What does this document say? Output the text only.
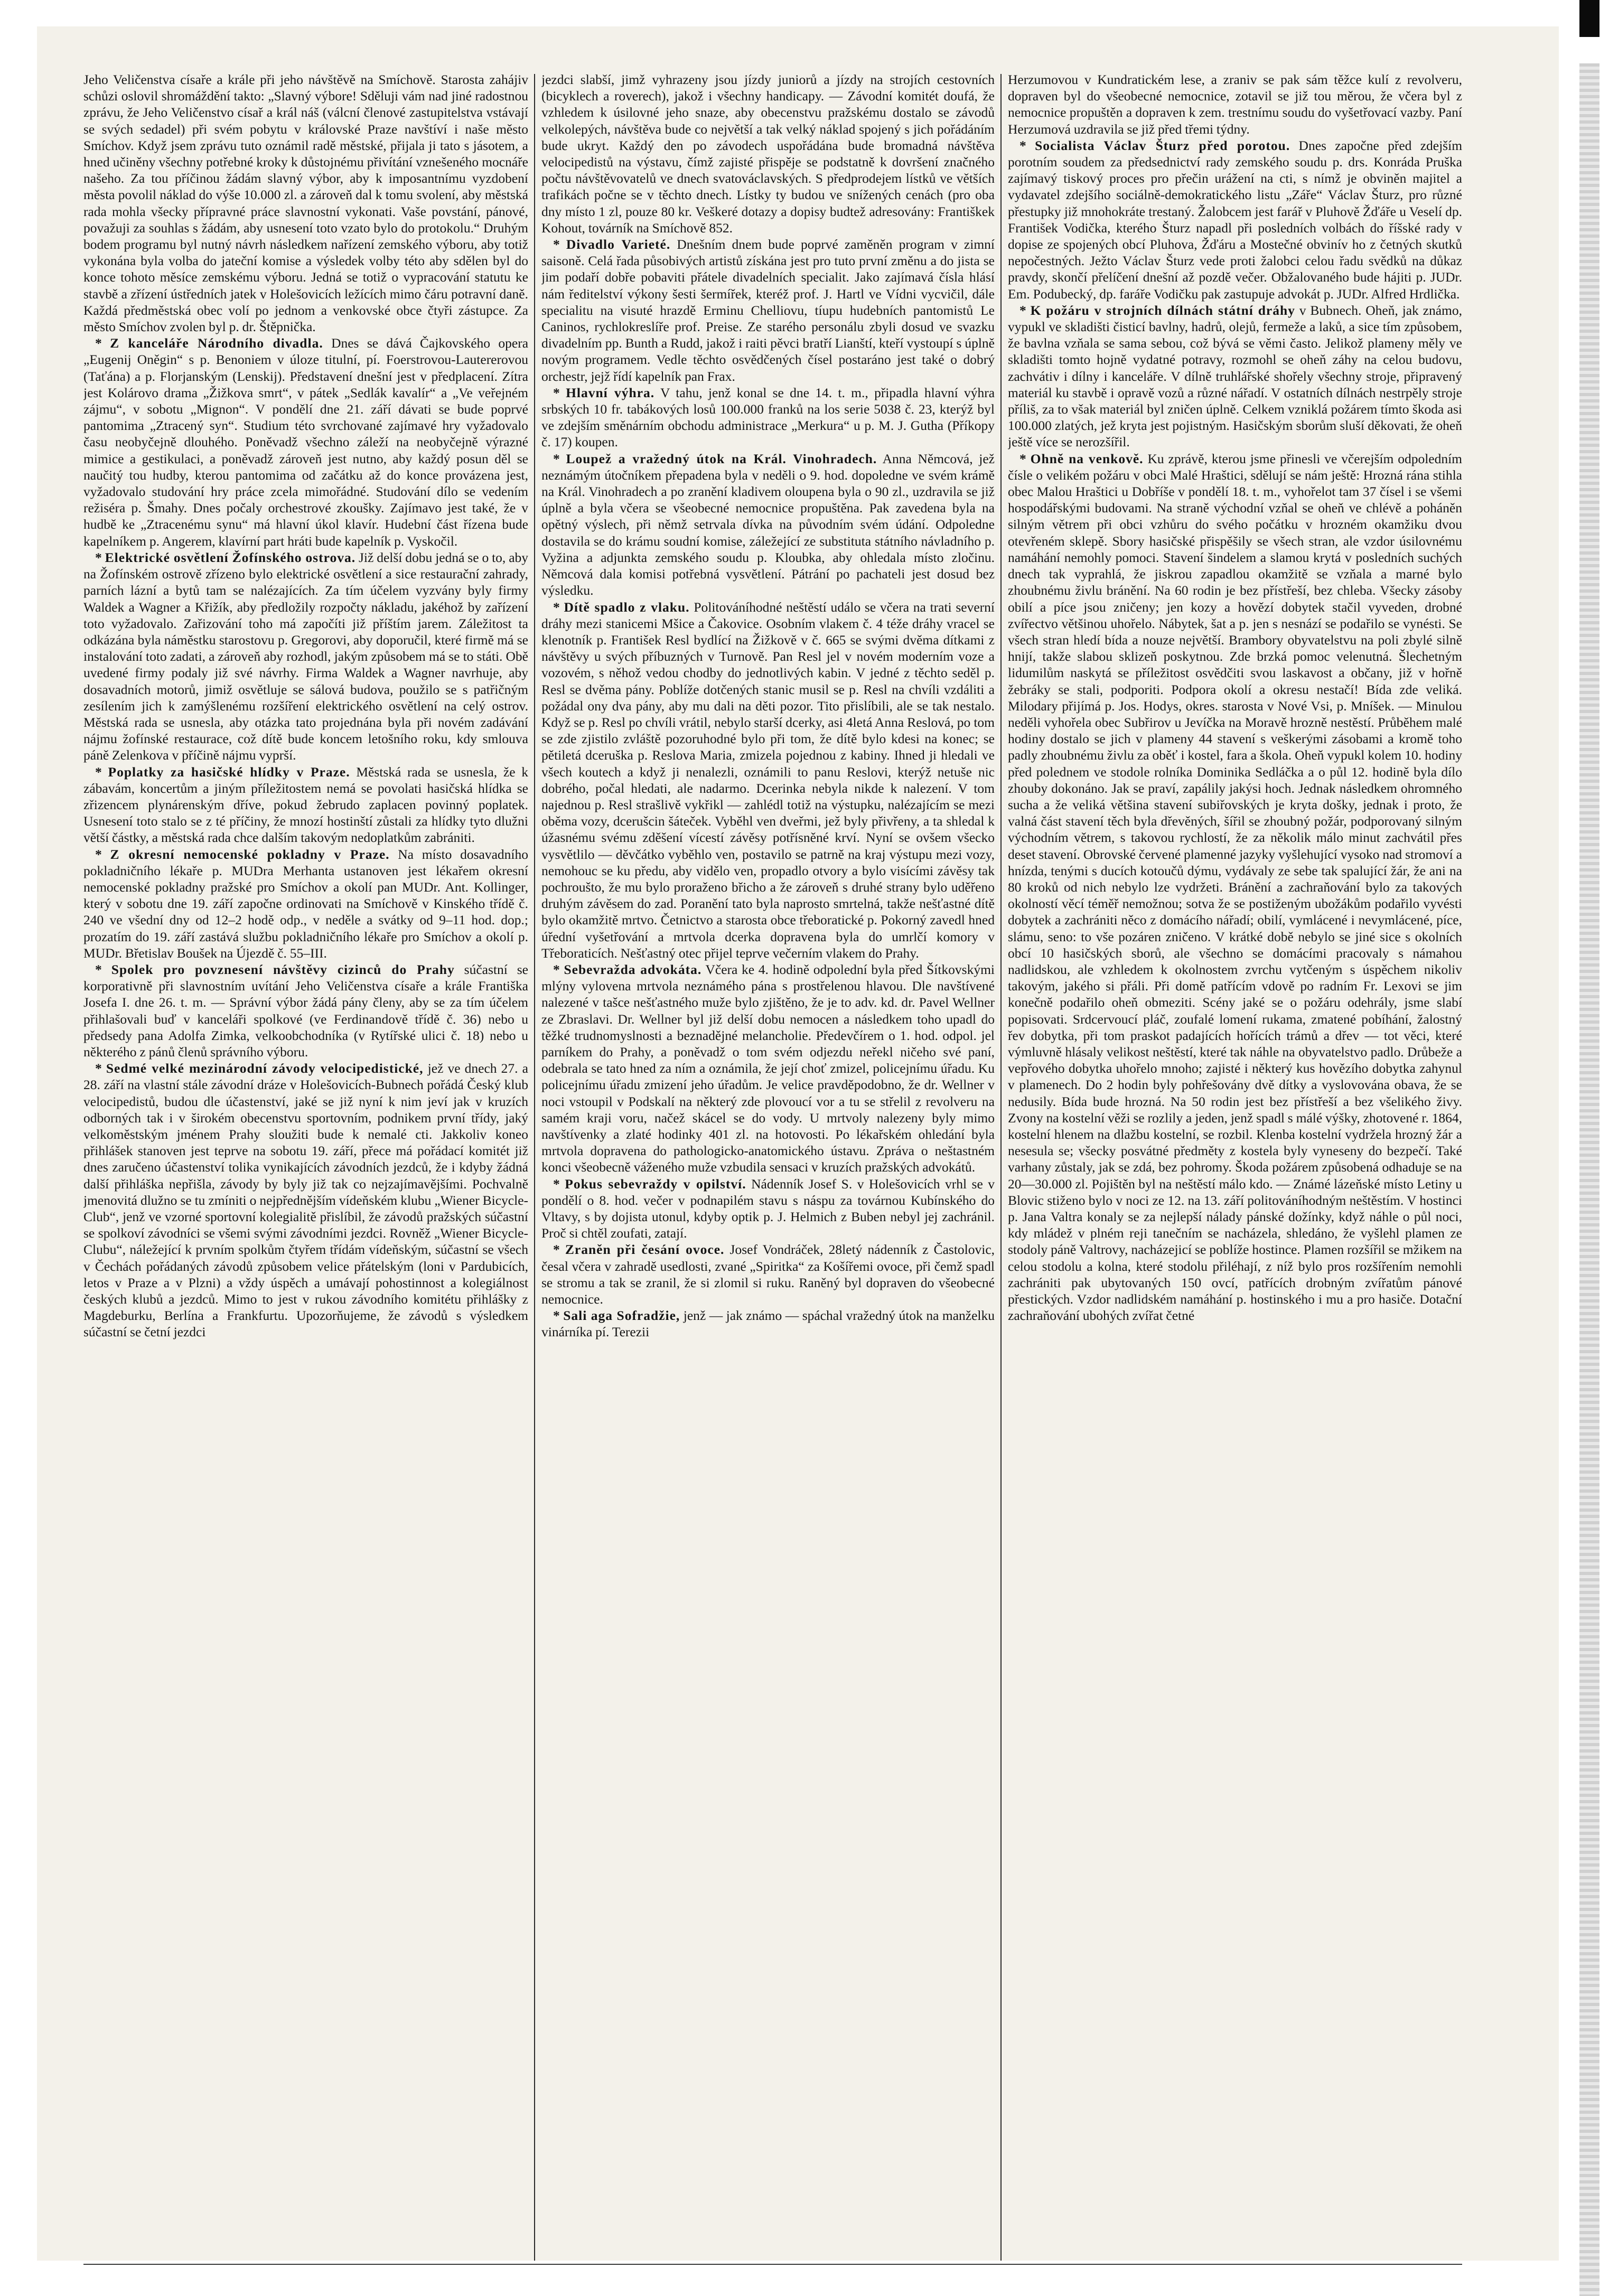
Jeho Veličenstva císaře a krále při jeho návštěvě na Smíchově. Starosta zahájiv schůzi oslovil shromáždění takto: „Slavný výbore! Sděluji vám nad jiné radostnou zprávu, že Jeho Veličenstvo císař a král náš (válcní členové zastupitelstva vstávají se svých sedadel) při svém pobytu v královské Praze navštíví i naše město Smíchov. Když jsem zprávu tuto oznámil radě městské, přijala ji tato s jásotem, a hned učiněny všechny potřebné kroky k důstojnému přivítání vznešeného mocnáře našeho. Za tou příčinou žádám slavný výbor, aby k imposantnímu vyzdobení města povolil náklad do výše 10.000 zl. a zároveň dal k tomu svolení, aby městská rada mohla všecky přípravné práce slavnostní vykonati. Vaše povstání, pánové, považuji za souhlas s žádám, aby usnesení toto vzato bylo do protokolu.“ Druhým bodem programu byl nutný návrh následkem nařízení zemského výboru, aby totiž vykonána byla volba do jateční komise a výsledek volby této aby sdělen byl do konce tohoto měsíce zemskému výboru. Jedná se totiž o vypracování statutu ke stavbě a zřízení ústředních jatek v Holešovicích ležících mimo čáru potravní daně. Každá předměstská obec volí po jednom a venkovské obce čtyři zástupce. Za město Smíchov zvolen byl p. dr. Štěpnička.

* Z kanceláře Národního divadla. Dnes se dává Čajkovského opera „Eugenij Oněgin“ s p. Benoniem v úloze titulní, pí. Foerstrovou-Lautererovou (Taťána) a p. Florjanským (Lenskij). Představení dnešní jest v předplacení. Zítra jest Kolárovo drama „Žižkova smrt“, v pátek „Sedlák kavalír“ a „Ve veřejném zájmu“, v sobotu „Mignon“. V pondělí dne 21. září dávati se bude poprvé pantomima „Ztracený syn“. Studium této svrchované zajímavé hry vyžadovalo času neobyčejně dlouhého. Poněvadž všechno záleží na neobyčejně výrazné mimice a gestikulaci, a poněvadž zároveň jest nutno, aby každý posun děl se naučitý tou hudby, kterou pantomima od začátku až do konce provázena jest, vyžadovalo studování hry práce zcela mimořádné. Studování dílo se vedením režiséra p. Šmahy. Dnes počaly orchestrové zkoušky. Zajímavo jest také, že v hudbě ke „Ztracenému synu“ má hlavní úkol klavír. Hudební část řízena bude kapelníkem p. Angerem, klavírní part hráti bude kapelník p. Vyskočil.

* Elektrické osvětlení Žofínského ostrova. Již delší dobu jedná se o to, aby na Žofínském ostrově zřízeno bylo elektrické osvětlení a sice restaurační zahrady, parních lázní a bytů tam se nalézajících. Za tím účelem vyzvány byly firmy Waldek a Wagner a Křižík, aby předložily rozpočty nákladu, jakéhož by zařízení toto vyžadovalo. Zařizování toho má započíti již příštím jarem. Záležitost ta odkázána byla náměstku starostovu p. Gregorovi, aby doporučil, které firmě má se instalování toto zadati, a zároveň aby rozhodl, jakým způsobem má se to státi. Obě uvedené firmy podaly již své návrhy. Firma Waldek a Wagner navrhuje, aby dosavadních motorů, jimiž osvětluje se sálová budova, použilo se s patřičným zesílením jich k zamýšlenému rozšíření elektrického osvětlení na celý ostrov. Městská rada se usnesla, aby otázka tato projednána byla při novém zadávání nájmu žofínské restaurace, což dítě bude koncem letošního roku, kdy smlouva páně Zelenkova v příčině nájmu vyprší.

* Poplatky za hasičské hlídky v Praze. Městská rada se usnesla, že k zábavám, koncertům a jiným příležitostem nemá se povolati hasičská hlídka se zřizencem plynárenským dříve, pokud žebrudo zaplacen povinný poplatek. Usnesení toto stalo se z té příčiny, že mnozí hostinští zůstali za hlídky tyto dlužni větší částky, a městská rada chce dalším takovým nedoplatkům zabrániti.

* Z okresní nemocenské pokladny v Praze. Na místo dosavadního pokladničního lékaře p. MUDra Merhanta ustanoven jest lékařem okresní nemocenské pokladny pražské pro Smíchov a okolí pan MUDr. Ant. Kollinger, který v sobotu dne 19. září započne ordinovati na Smíchově v Kinského třídě č. 240 ve všední dny od 12–2 hodě odp., v neděle a svátky od 9–11 hod. dop.; prozatím do 19. září zastává službu pokladničního lékaře pro Smíchov a okolí p. MUDr. Břetislav Boušek na Újezdě č. 55–III.

* Spolek pro povznesení návštěvy cizinců do Prahy súčastní se korporativně při slavnostním uvítání Jeho Veličenstva císaře a krále Františka Josefa I. dne 26. t. m. — Správní výbor žádá pány členy, aby se za tím účelem přihlašovali buď v kanceláři spolkové (ve Ferdinandově třídě č. 36) nebo u předsedy pana Adolfa Zimka, velkoobchodníka (v Rytířské ulici č. 18) nebo u některého z pánů členů správního výboru.

* Sedmé velké mezinárodní závody velocipedistické, jež ve dnech 27. a 28. září na vlastní stále závodní dráze v Holešovicích-Bubnech pořádá Český klub velocipedistů, budou dle účastenství, jaké se již nyní k nim jeví jak v kruzích odborných tak i v širokém obecenstvu sportovním, podnikem první třídy, jaký velkoměstským jménem Prahy sloužiti bude k nemalé cti. Jakkoliv koneo přihlášek stanoven jest teprve na sobotu 19. září, přece má pořádací komitét již dnes zaručeno účastenství tolika vynikajících závodních jezdců, že i kdyby žádná další přihláška nepřišla, závody by byly již tak co nejzajímavějšími. Pochvalně jmenovitá dlužno se tu zmíniti o nejpřednějším vídeňském klubu „Wiener Bicycle-Club“, jenž ve vzorné sportovní kolegialitě přislíbil, že závodů pražských súčastní se spolkoví závodníci se všemi svými závodními jezdci. Rovněž „Wiener Bicycle-Clubu“, náležející k prvním spolkům čtyřem třídám vídeňským, súčastní se všech v Čechách pořádaných závodů způsobem velice přátelským (loni v Pardubicích, letos v Praze a v Plzni) a vždy úspěch a umávají pohostinnost a kolegiálnost českých klubů a jezdců. Mimo to jest v rukou závodního komitétu přihlášky z Magdeburku, Berlína a Frankfurtu. Upozorňujeme, že závodů s výsledkem súčastní se četní jezdci

jezdci slabší, jimž vyhrazeny jsou jízdy juniorů a jízdy na strojích cestovních (bicyklech a roverech), jakož i všechny handicapy. — Závodní komitét doufá, že vzhledem k úsilovné jeho snaze, aby obecenstvu pražskému dostalo se závodů velkolepých, návštěva bude co největší a tak velký náklad spojený s jich pořádáním bude ukryt. Každý den po závodech uspořádána bude bromadná návštěva velocipedistů na výstavu, čímž zajisté přispěje se podstatně k dovršení značného počtu návštěvovatelů ve dnech svatováclavských. S předprodejem lístků ve větších trafikách počne se v těchto dnech. Lístky ty budou ve snížených cenách (pro oba dny místo 1 zl, pouze 80 kr. Veškeré dotazy a dopisy budtež adresovány: Františkek Kohout, továrník na Smíchově 852.

* Divadlo Varieté. Dnešním dnem bude poprvé zaměněn program v zimní saisoně. Celá řada působivých artistů získána jest pro tuto první změnu a do jista se jim podaří dobře pobaviti přátele divadelních specialit. Jako zajímavá čísla hlásí nám ředitelství výkony šesti šermířek, kteréž prof. J. Hartl ve Vídni vycvičil, dále specialitu na visuté hrazdě Erminu Chelliovu, tíupu hudebních pantomistů Le Caninos, rychlokreslíře prof. Preise. Ze starého personálu zbyli dosud ve svazku divadelním pp. Bunth a Rudd, jakož i raiti pěvci bratří Lianští, kteří vystoupí s úplně novým programem. Vedle těchto osvědčených čísel postaráno jest také o dobrý orchestr, jejž řídí kapelník pan Frax.

* Hlavní výhra. V tahu, jenž konal se dne 14. t. m., připadla hlavní výhra srbských 10 fr. tabákových losů 100.000 franků na los serie 5038 č. 23, kterýž byl ve zdejším směnárním obchodu administrace „Merkura“ u p. M. J. Gutha (Příkopy č. 17) koupen.

* Loupež a vražedný útok na Král. Vinohradech. Anna Němcová, jež neznámým útočníkem přepadena byla v neděli o 9. hod. dopoledne ve svém krámě na Král. Vinohradech a po zranění kladivem oloupena byla o 90 zl., uzdravila se již úplně a byla včera se všeobecné nemocnice propuštěna. Pak zavedena byla na opětný výslech, při němž setrvala dívka na původním svém údání. Odpoledne dostavila se do krámu soudní komise, záležející ze substituta státního návladního p. Vyžina a adjunkta zemského soudu p. Kloubka, aby ohledala místo zločinu. Němcová dala komisi potřebná vysvětlení. Pátrání po pachateli jest dosud bez výsledku.

* Dítě spadlo z vlaku. Politováníhodné neštěstí událo se včera na trati severní dráhy mezi stanicemi Mšice a Čakovice. Osobním vlakem č. 4 téže dráhy vracel se klenotník p. František Resl bydlící na Žižkově v č. 665 se svými dvěma dítkami z návštěvy u svých příbuzných v Turnově. Pan Resl jel v novém moderním voze a vozovém, s něhož vedou chodby do jednotlivých kabin. V jedné z těchto seděl p. Resl se dvěma pány. Poblíže dotčených stanic musil se p. Resl na chvíli vzdáliti a požádal ony dva pány, aby mu dali na děti pozor. Tito přislíbili, ale se tak nestalo. Když se p. Resl po chvíli vrátil, nebylo starší dcerky, asi 4letá Anna Reslová, po tom se zde zjistilo zvláště pozoruhodné bylo při tom, že dítě bylo kdesi na konec; se pětiletá dceruška p. Reslova Maria, zmizela pojednou z kabiny. Ihned ji hledali ve všech koutech a když ji nenalezli, oznámili to panu Reslovi, kterýž netuše nic dobrého, počal hledati, ale nadarmo. Dcerinka nebyla nikde k nalezení. V tom najednou p. Resl strašlivě vykřikl — zahlédl totiž na výstupku, nalézajícím se mezi oběma vozy, dcerušcin šáteček. Vyběhl ven dveřmi, jež byly přivřeny, a ta shledal k úžasnému svému zděšení vícestí závěsy potřísněné krví. Nyní se ovšem všecko vysvětlilo — děvčátko vyběhlo ven, postavilo se patrně na kraj výstupu mezi vozy, nemohouc se ku předu, aby vidělo ven, propadlo otvory a bylo visícími závěsy tak pochroušto, že mu bylo proraženo břicho a že zároveň s druhé strany bylo uděřeno druhým závěsem do zad. Poranění tato byla naprosto smrtelná, takže nešťastné dítě bylo okamžitě mrtvo. Četnictvo a starosta obce třeboratické p. Pokorný zavedl hned úřední vyšetřování a mrtvola dcerka dopravena byla do umrlčí komory v Třeboraticích. Nešťastný otec přijel teprve večerním vlakem do Prahy.

* Sebevražda advokáta. Včera ke 4. hodině odpolední byla před Šítkovskými mlýny vylovena mrtvola neznámého pána s prostřelenou hlavou. Dle navštívené nalezené v tašce nešťastného muže bylo zjištěno, že je to adv. kd. dr. Pavel Wellner ze Zbraslavi. Dr. Wellner byl již delší dobu nemocen a následkem toho upadl do těžké trudnomyslnosti a beznadějné melancholie. Předevčírem o 1. hod. odpol. jel parníkem do Prahy, a poněvadž o tom svém odjezdu neřekl ničeho své paní, odebrala se tato hned za ním a oznámila, že její choť zmizel, policejnímu úřadu. Ku policejnímu úřadu zmizení jeho úřadům. Je velice pravděpodobno, že dr. Wellner v noci vstoupil v Podskalí na některý zde plovoucí vor a tu se střelil z revolveru na samém kraji voru, načež skácel se do vody. U mrtvoly nalezeny byly mimo navštívenky a zlaté hodinky 401 zl. na hotovosti. Po lékařském ohledání byla mrtvola dopravena do pathologicko-anatomického ústavu. Zpráva o neštastném konci všeobecně váženého muže vzbudila sensaci v kruzích pražských advokátů.

* Pokus sebevraždy v opilství. Nádenník Josef S. v Holešovicích vrhl se v pondělí o 8. hod. večer v podnapilém stavu s náspu za továrnou Kubínského do Vltavy, s by dojista utonul, kdyby optik p. J. Helmich z Buben nebyl jej zachránil. Proč si chtěl zoufati, zatají.

* Zraněn při česání ovoce. Josef Vondráček, 28letý nádenník z Častolovic, česal včera v zahradě usedlosti, zvané „Spiritka“ za Košířemi ovoce, při čemž spadl se stromu a tak se zranil, že si zlomil si ruku. Raněný byl dopraven do všeobecné nemocnice.

* Sali aga Sofradžie, jenž — jak známo — spáchal vražedný útok na manželku vinárníka pí. Terezii

Herzumovou v Kundratickém lese, a zraniv se pak sám těžce kulí z revolveru, dopraven byl do všeobecné nemocnice, zotavil se již tou měrou, že včera byl z nemocnice propuštěn a dopraven k zem. trestnímu soudu do vyšetřovací vazby. Paní Herzumová uzdravila se již před třemi týdny.

* Socialista Václav Šturz před porotou. Dnes započne před zdejším porotním soudem za předsednictví rady zemského soudu p. drs. Konráda Pruška zajímavý tiskový proces pro přečin urážení na cti, s nímž je obviněn majitel a vydavatel zdejšího sociálně-demokratického listu „Záře“ Václav Šturz, pro různé přestupky již mnohokráte trestaný. Žalobcem jest farář v Pluhově Žďáře u Veselí dp. František Vodička, kterého Šturz napadl při posledních volbách do říšské rady v dopise ze spojených obcí Pluhova, Žďáru a Mostečné obvinív ho z četných skutků nepočestných. Ježto Václav Šturz vede proti žalobci celou řadu svědků na důkaz pravdy, skončí přelíčení dnešní až pozdě večer. Obžalovaného bude hájiti p. JUDr. Em. Podubecký, dp. faráře Vodičku pak zastupuje advokát p. JUDr. Alfred Hrdlička.

* K požáru v strojních dílnách státní dráhy v Bubnech. Oheň, jak známo, vypukl ve skladišti čisticí bavlny, hadrů, olejů, fermeže a laků, a sice tím způsobem, že bavlna vzňala se sama sebou, což bývá se věmi často. Jelikož plameny měly ve skladišti tomto hojně vydatné potravy, rozmohl se oheň záhy na celou budovu, zachvátiv i dílny i kanceláře. V dílně truhlářské shořely všechny stroje, připravený materiál ku stavbě i opravě vozů a různé nářadí. V ostatních dílnách nestrpěly stroje příliš, za to však materiál byl zničen úplně. Celkem vzniklá požárem tímto škoda asi 100.000 zlatých, jež kryta jest pojistným. Hasičským sborům sluší děkovati, že oheň ještě více se nerozšířil.

* Ohně na venkově. Ku zprávě, kterou jsme přinesli ve včerejším odpoledním čísle o velikém požáru v obci Malé Hraštici, sdělují se nám ještě: Hrozná rána stihla obec Malou Hraštici u Dobříše v pondělí 18. t. m., vyhořelot tam 37 čísel i se všemi hospodářskými budovami. Na straně východní vzňal se oheň ve chlévě a poháněn silným větrem při obci vzhůru do svého počátku v hrozném okamžiku dvou otevřeném sklepě. Sbory hasičské přispěšily se všech stran, ale vzdor úsilovnému namáhání nemohly pomoci. Stavení šindelem a slamou krytá v posledních suchých dnech tak vyprahlá, že jiskrou zapadlou okamžitě se vzňala a marné bylo zhoubnému živlu bránění. Na 60 rodin je bez přístřeší, bez chleba. Všecky zásoby obilí a píce jsou zničeny; jen kozy a hovězí dobytek stačil vyveden, drobné zvířectvo většinou uhořelo. Nábytek, šat a p. jen s nesnází se podařilo se vynésti. Se všech stran hledí bída a nouze největší. Brambory obyvatelstvu na poli zbylé silně hnijí, takže slabou sklizeň poskytnou. Zde brzká pomoc velenutná. Šlechetným lidumilům naskytá se příležitost osvědčiti svou laskavost a občany, již v hořně žebráky se stali, podporiti. Podpora okolí a okresu nestačí! Bída zde veliká. Milodary přijímá p. Jos. Hodys, okres. starosta v Nové Vsi, p. Mníšek. — Minulou neděli vyhořela obec Subřirov u Jevíčka na Moravě hrozně nestěstí. Průběhem malé hodiny dostalo se jich v plameny 44 stavení s veškerými zásobami a kromě toho padly zhoubnému živlu za oběť i kostel, fara a škola. Oheň vypukl kolem 10. hodiny před polednem ve stodole rolníka Dominika Sedláčka a o půl 12. hodině byla dílo zhouby dokonáno. Jak se praví, zapálily jakýsi hoch. Jednak následkem ohromného sucha a že veliká většina stavení subiřovských je kryta došky, jednak i proto, že valná část stavení těch byla dřevěných, šířil se zhoubný požár, podporovaný silným východním větrem, s takovou rychlostí, že za několik málo minut zachvátil přes deset stavení. Obrovské červené plamenné jazyky vyšlehující vysoko nad stromoví a hnízda, tenými s ducích kotoučů dýmu, vydávaly ze sebe tak spalující žár, že ani na 80 kroků od nich nebylo lze vydržeti. Bránění a zachraňování bylo za takových okolností věcí téměř nemožnou; sotva že se postiženým ubožákům podařilo vyvésti dobytek a zachrániti něco z domácího nářadí; obilí, vymlácené i nevymlácené, píce, slámu, seno: to vše pozáren zničeno. V krátké době nebylo se jiné sice s okolních obcí 10 hasičských sborů, ale všechno se domácími pracovaly s námahou nadlidskou, ale vzhledem k okolnostem zvrchu vytčeným s úspěchem nikoliv takovým, jakého si přáli. Při domě patřícím vdově po radním Fr. Lexovi se jim konečně podařilo oheň obmeziti. Scény jaké se o požáru odehrály, jsme slabí popisovati. Srdcervoucí pláč, zoufalé lomení rukama, zmatené pobíhání, žalostný řev dobytka, při tom praskot padajících hořících trámů a dřev — tot věci, které výmluvně hlásaly velikost neštěstí, které tak náhle na obyvatelstvo padlo. Drůbeže a vepřového dobytka uhořelo mnoho; zajisté i některý kus hovězího dobytka zahynul v plamenech. Do 2 hodin byly pohřešovány dvě dítky a vyslovována obava, že se nedusily. Bída bude hrozná. Na 50 rodin jest bez přístřeší a bez všelikého živy. Zvony na kostelní věži se rozlily a jeden, jenž spadl s málé výšky, zhotovené r. 1864, kostelní hlenem na dlažbu kostelní, se rozbil. Klenba kostelní vydržela hrozný žár a nesesula se; všecky posvátné předměty z kostela byly vyneseny do bezpečí. Také varhany zůstaly, jak se zdá, bez pohromy. Škoda požárem způsobená odhaduje se na 20—30.000 zl. Pojištěn byl na neštěstí málo kdo. — Známé lázeňské místo Letiny u Blovic stiženo bylo v noci ze 12. na 13. září politováníhodným neštěstím. V hostinci p. Jana Valtra konaly se za nejlepší nálady pánské dožínky, když náhle o půl noci, kdy mládež v plném reji tanečním se nacházela, shledáno, že vyšlehl plamen ze stodoly páně Valtrovy, nacházejicí se poblíže hostince. Plamen rozšířil se mžikem na celou stodolu a kolna, které stodolu přiléhají, z níž bylo pros rozšířením nemohli zachrániti pak ubytovaných 150 ovcí, patřících drobným zvířatům pánové přestických. Vzdor nadlidském namáhání p. hostinského i mu a pro hasiče. Dotační zachraňování ubohých zvířat četné
